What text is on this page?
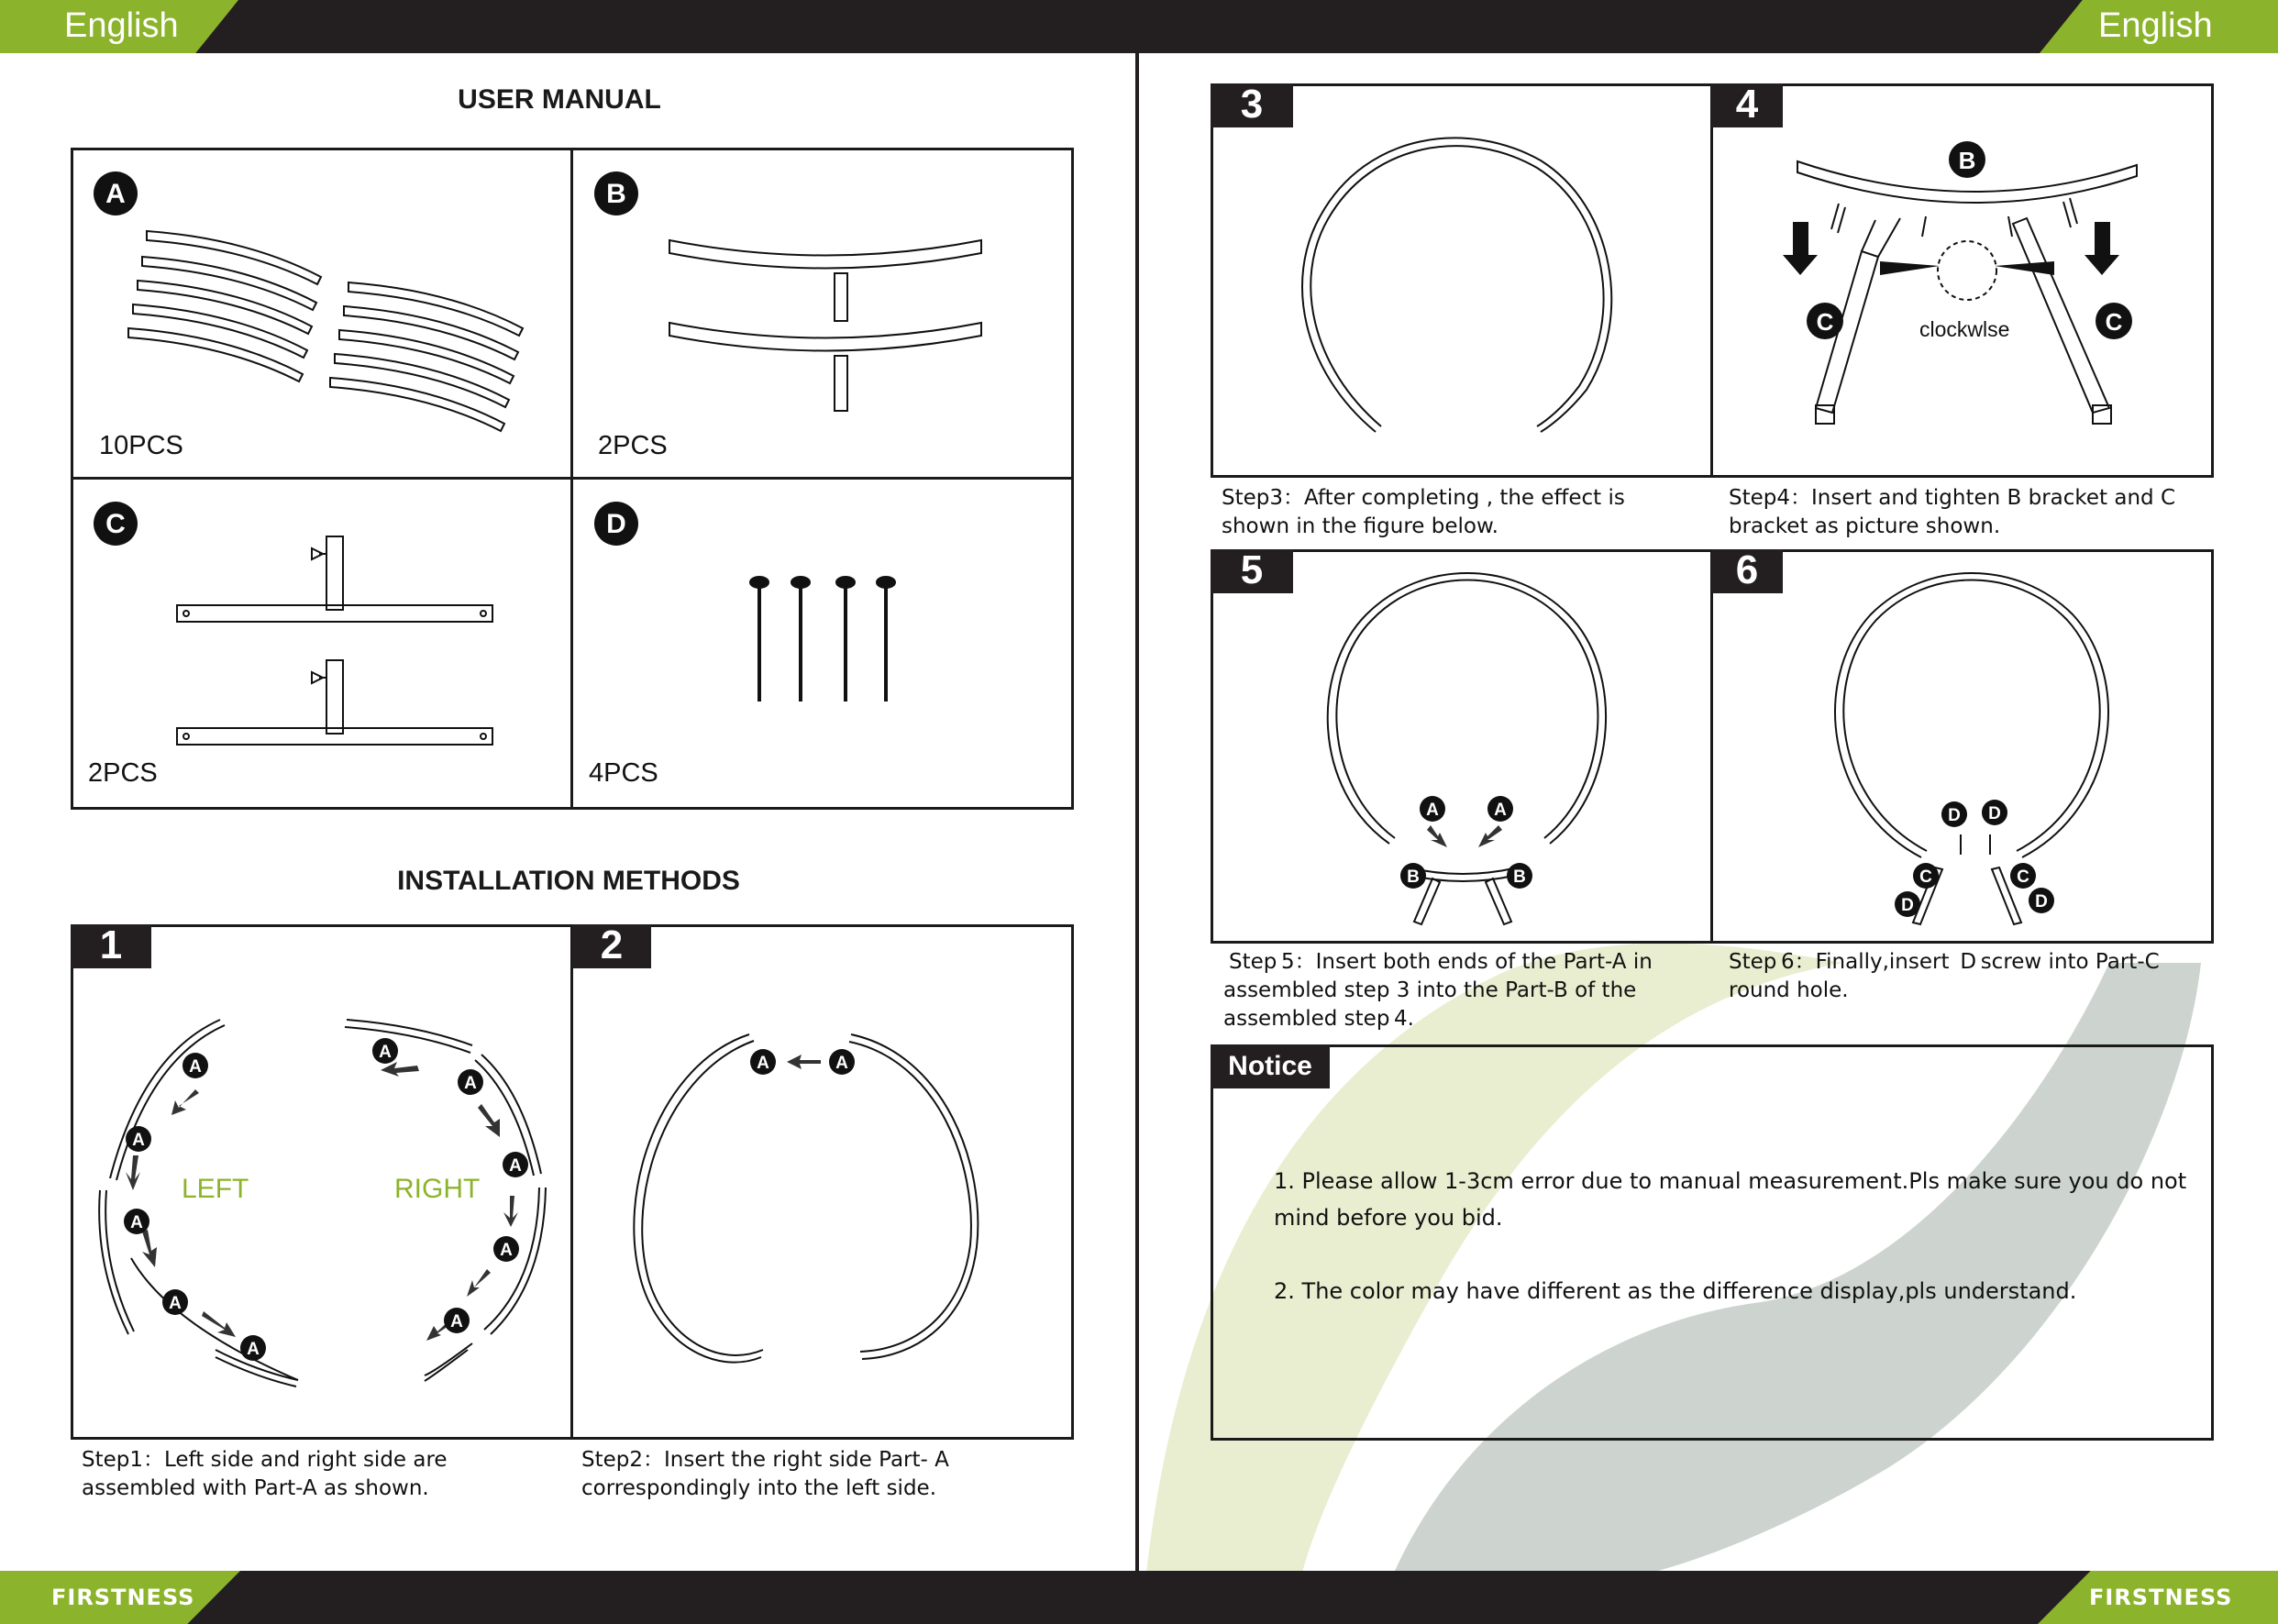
English	English
FIRSTNESS	FIRSTNESS
USER MANUAL
A
10PCS
B
2PCS
C
2PCS
D
4PCS
INSTALLATION METHODS
1	2
A
A
A
A
A
A
A
A
A
A
LEFT	RIGHT
A	A
Step1：Left side and right side are
assembled with Part-A as shown.
Step2：Insert the right side Part- A
correspondingly into the left side.
3	4
B
C	C
clockwlse
Step3：After completing , the effect is
shown in the figure below.
Step4：Insert and tighten B bracket and C
bracket as picture shown.
5	6
A	A
B	B
D D
C	C
D	D
Step 5：Insert both ends of the Part-A in
assembled step 3 into the Part-B of the
assembled step 4.
Step 6：Finally,insert  D screw into Part-C
round hole.
Notice
1. Please allow 1-3cm error due to manual measurement.Pls make sure you do not
mind before you bid.
2. The color may have different as the difference display,pls understand.
